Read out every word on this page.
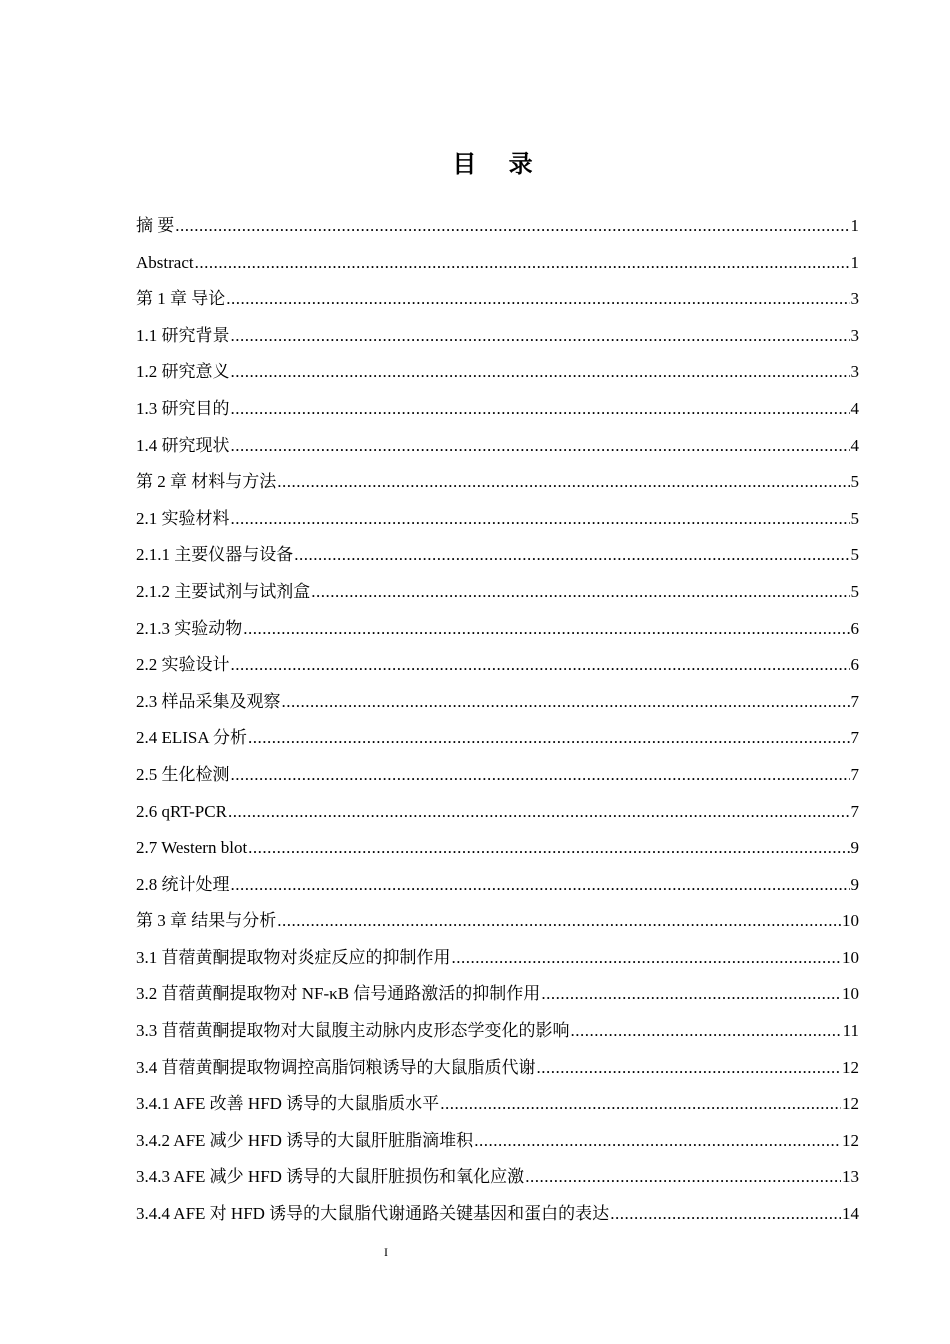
目 录
摘 要 .....	1
Abstract .....	1
第 1 章 导论 .....	3
1.1 研究背景 .....	3
1.2 研究意义 .....	3
1.3 研究目的 .....	4
1.4 研究现状 .....	4
第 2 章 材料与方法 .....	5
2.1 实验材料 .....	5
2.1.1 主要仪器与设备 .....	5
2.1.2 主要试剂与试剂盒 .....	5
2.1.3 实验动物 .....	6
2.2 实验设计 .....	6
2.3 样品采集及观察 .....	7
2.4 ELISA 分析 .....	7
2.5 生化检测 .....	7
2.6 qRT-PCR .....	7
2.7 Western blot .....	9
2.8 统计处理 .....	9
第 3 章 结果与分析 .....	10
3.1 苜蓿黄酮提取物对炎症反应的抑制作用 .....	10
3.2 苜蓿黄酮提取物对 NF-κB 信号通路激活的抑制作用 .....	10
3.3 苜蓿黄酮提取物对大鼠腹主动脉内皮形态学变化的影响 .....	11
3.4 苜蓿黄酮提取物调控高脂饲粮诱导的大鼠脂质代谢 .....	12
3.4.1 AFE 改善 HFD 诱导的大鼠脂质水平 .....	12
3.4.2 AFE 减少 HFD 诱导的大鼠肝脏脂滴堆积 .....	12
3.4.3 AFE 减少 HFD 诱导的大鼠肝脏损伤和氧化应激 .....	13
3.4.4 AFE 对 HFD 诱导的大鼠脂代谢通路关键基因和蛋白的表达 .....	14
I
